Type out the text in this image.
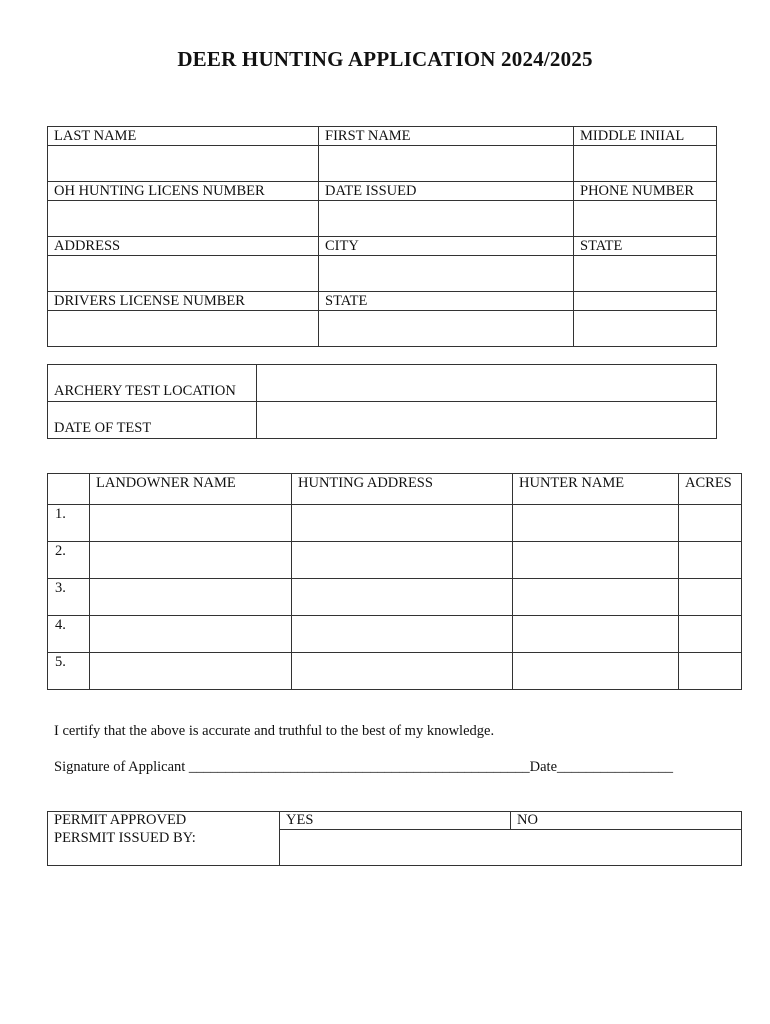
DEER HUNTING APPLICATION 2024/2025
LAST NAME	FIRST NAME	MIDDLE INIIAL

OH HUNTING LICENS NUMBER	DATE ISSUED	PHONE NUMBER

ADDRESS	CITY	STATE

DRIVERS LICENSE NUMBER	STATE	

ARCHERY TEST LOCATION	
DATE OF TEST	
	LANDOWNER NAME	HUNTING ADDRESS	HUNTER NAME	ACRES
1.				
2.				
3.				
4.				
5.				
I certify that the above is accurate and truthful to the best of my knowledge.
Signature of Applicant _______________________________________________Date________________
PERMIT APPROVED	YES	NO
PERSMIT ISSUED BY:		
